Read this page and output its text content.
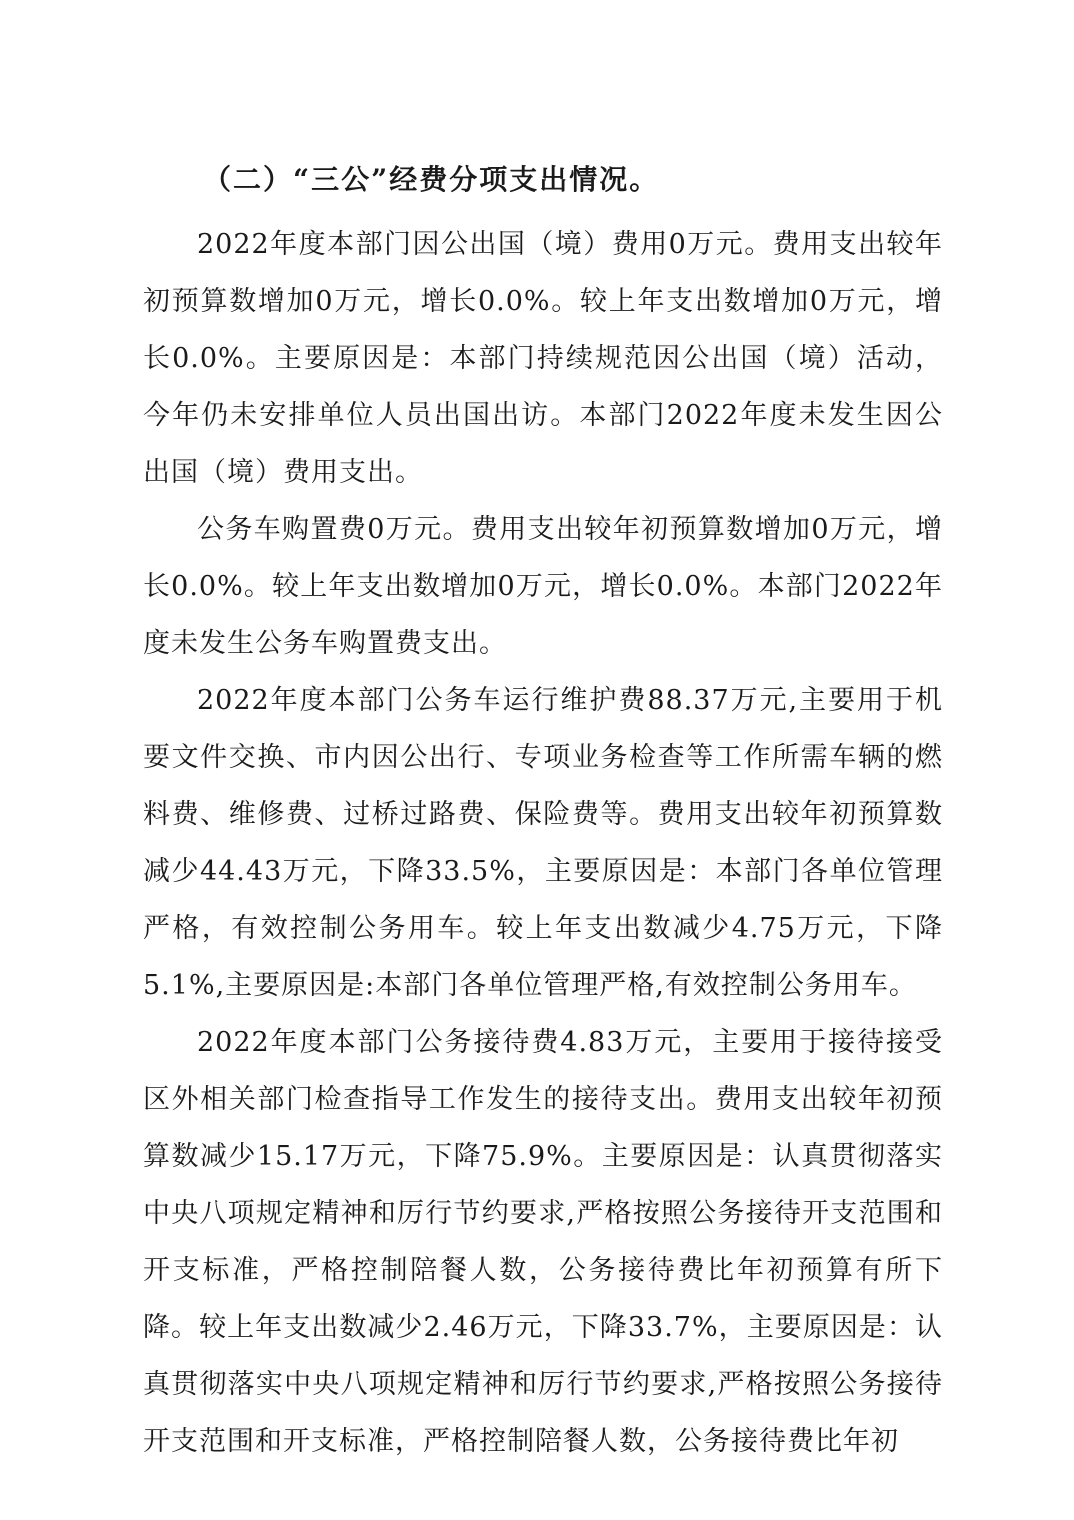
（二）“三公”经费分项支出情况。

2022年度本部门因公出国（境）费用0万元。费用支出较年初预算数增加0万元，增长0.0%。较上年支出数增加0万元，增长0.0%。主要原因是：本部门持续规范因公出国（境）活动，今年仍未安排单位人员出国出访。本部门2022年度未发生因公出国（境）费用支出。

公务车购置费0万元。费用支出较年初预算数增加0万元，增长0.0%。较上年支出数增加0万元，增长0.0%。本部门2022年度未发生公务车购置费支出。

2022年度本部门公务车运行维护费88.37万元,主要用于机要文件交换、市内因公出行、专项业务检查等工作所需车辆的燃料费、维修费、过桥过路费、保险费等。费用支出较年初预算数减少44.43万元，下降33.5%，主要原因是：本部门各单位管理严格，有效控制公务用车。较上年支出数减少4.75万元，下降5.1%,主要原因是:本部门各单位管理严格,有效控制公务用车。

2022年度本部门公务接待费4.83万元，主要用于接待接受区外相关部门检查指导工作发生的接待支出。费用支出较年初预算数减少15.17万元，下降75.9%。主要原因是：认真贯彻落实中央八项规定精神和厉行节约要求,严格按照公务接待开支范围和开支标准，严格控制陪餐人数，公务接待费比年初预算有所下降。较上年支出数减少2.46万元，下降33.7%，主要原因是：认真贯彻落实中央八项规定精神和厉行节约要求,严格按照公务接待开支范围和开支标准，严格控制陪餐人数，公务接待费比年初
